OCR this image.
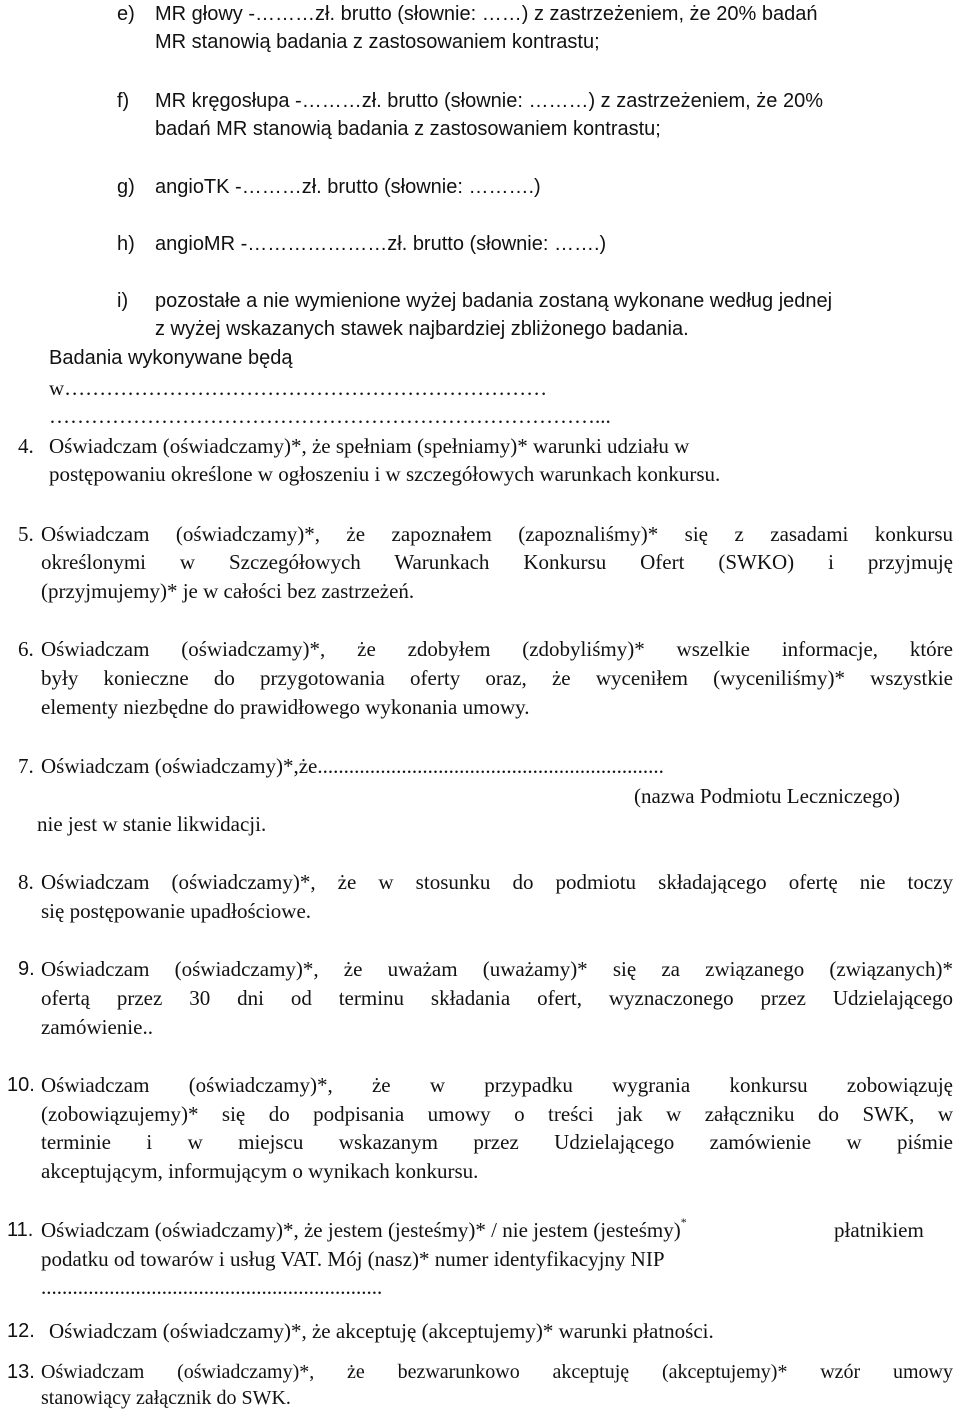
e) MR głowy -………zł. brutto (słownie: ……) z zastrzeżeniem, że 20% badań
MR stanowią badania z zastosowaniem kontrastu;
f) MR kręgosłupa -………zł. brutto (słownie: ………) z zastrzeżeniem, że 20%
badań MR stanowią badania z zastosowaniem kontrastu;
g) angioTK -………zł. brutto (słownie: ……….)
h) angioMR -…………………zł. brutto (słownie: …….)
i) pozostałe a nie wymienione wyżej badania zostaną wykonane według jednej
z wyżej wskazanych stawek najbardziej zbliżonego badania.
Badania wykonywane będą
w……………………………………………………………
……………………………………………………………………...
4. Oświadczam (oświadczamy)*, że spełniam (spełniamy)* warunki udziału w
postępowaniu określone w ogłoszeniu i w szczegółowych warunkach konkursu.
5. Oświadczam (oświadczamy)*, że zapoznałem (zapoznaliśmy)* się z zasadami konkursu
określonymi w Szczegółowych Warunkach Konkursu Ofert (SWKO) i przyjmuję
(przyjmujemy)* je w całości bez zastrzeżeń.
6. Oświadczam (oświadczamy)*, że zdobyłem (zdobyliśmy)* wszelkie informacje, które
były konieczne do przygotowania oferty oraz, że wyceniłem (wyceniliśmy)* wszystkie
elementy niezbędne do prawidłowego wykonania umowy.
7. Oświadczam (oświadczamy)*,że..................................................................
(nazwa Podmiotu Leczniczego)
nie jest w stanie likwidacji.
8. Oświadczam (oświadczamy)*, że w stosunku do podmiotu składającego ofertę nie toczy
się postępowanie upadłościowe.
9. Oświadczam (oświadczamy)*, że uważam (uważamy)* się za związanego (związanych)*
ofertą przez 30 dni od terminu składania ofert, wyznaczonego przez Udzielającego
zamówienie..
10. Oświadczam (oświadczamy)*, że w przypadku wygrania konkursu zobowiązuję
(zobowiązujemy)* się do podpisania umowy o treści jak w załączniku do SWK, w
terminie i w miejscu wskazanym przez Udzielającego zamówienie w piśmie
akceptującym, informującym o wynikach konkursu.
11. Oświadczam (oświadczamy)*, że jestem (jesteśmy)* / nie jestem (jesteśmy)*	płatnikiem
podatku od towarów i usług VAT. Mój (nasz)* numer identyfikacyjny NIP
.................................................................
12. Oświadczam (oświadczamy)*, że akceptuję (akceptujemy)* warunki płatności.
13. Oświadczam (oświadczamy)*, że bezwarunkowo akceptuję (akceptujemy)* wzór umowy
stanowiący załącznik do SWK.
